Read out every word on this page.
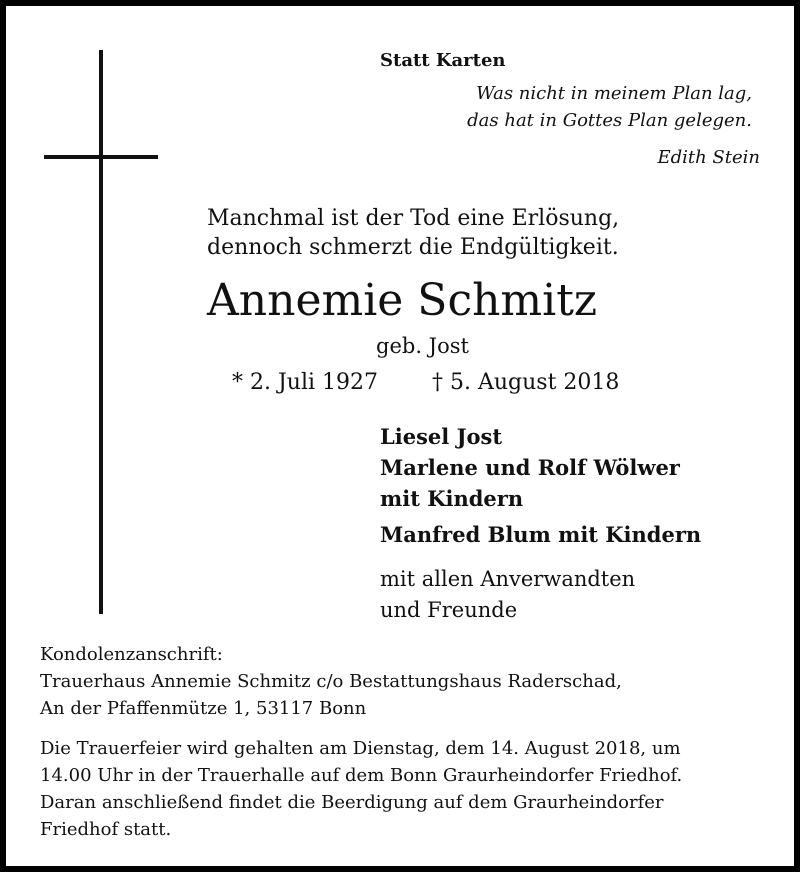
Statt Karten
Was nicht in meinem Plan lag,
das hat in Gottes Plan gelegen.
Edith Stein
Manchmal ist der Tod eine Erlösung,
dennoch schmerzt die Endgültigkeit.
Annemie Schmitz
geb. Jost
* 2. Juli 1927 † 5. August 2018
Liesel Jost
Marlene und Rolf Wölwer
mit Kindern
Manfred Blum mit Kindern
mit allen Anverwandten
und Freunde
Kondolenzanschrift:
Trauerhaus Annemie Schmitz c/o Bestattungshaus Raderschad,
An der Pfaffenmütze 1, 53117 Bonn
Die Trauerfeier wird gehalten am Dienstag, dem 14. August 2018, um
14.00 Uhr in der Trauerhalle auf dem Bonn Graurheindorfer Friedhof.
Daran anschließend findet die Beerdigung auf dem Graurheindorfer
Friedhof statt.
